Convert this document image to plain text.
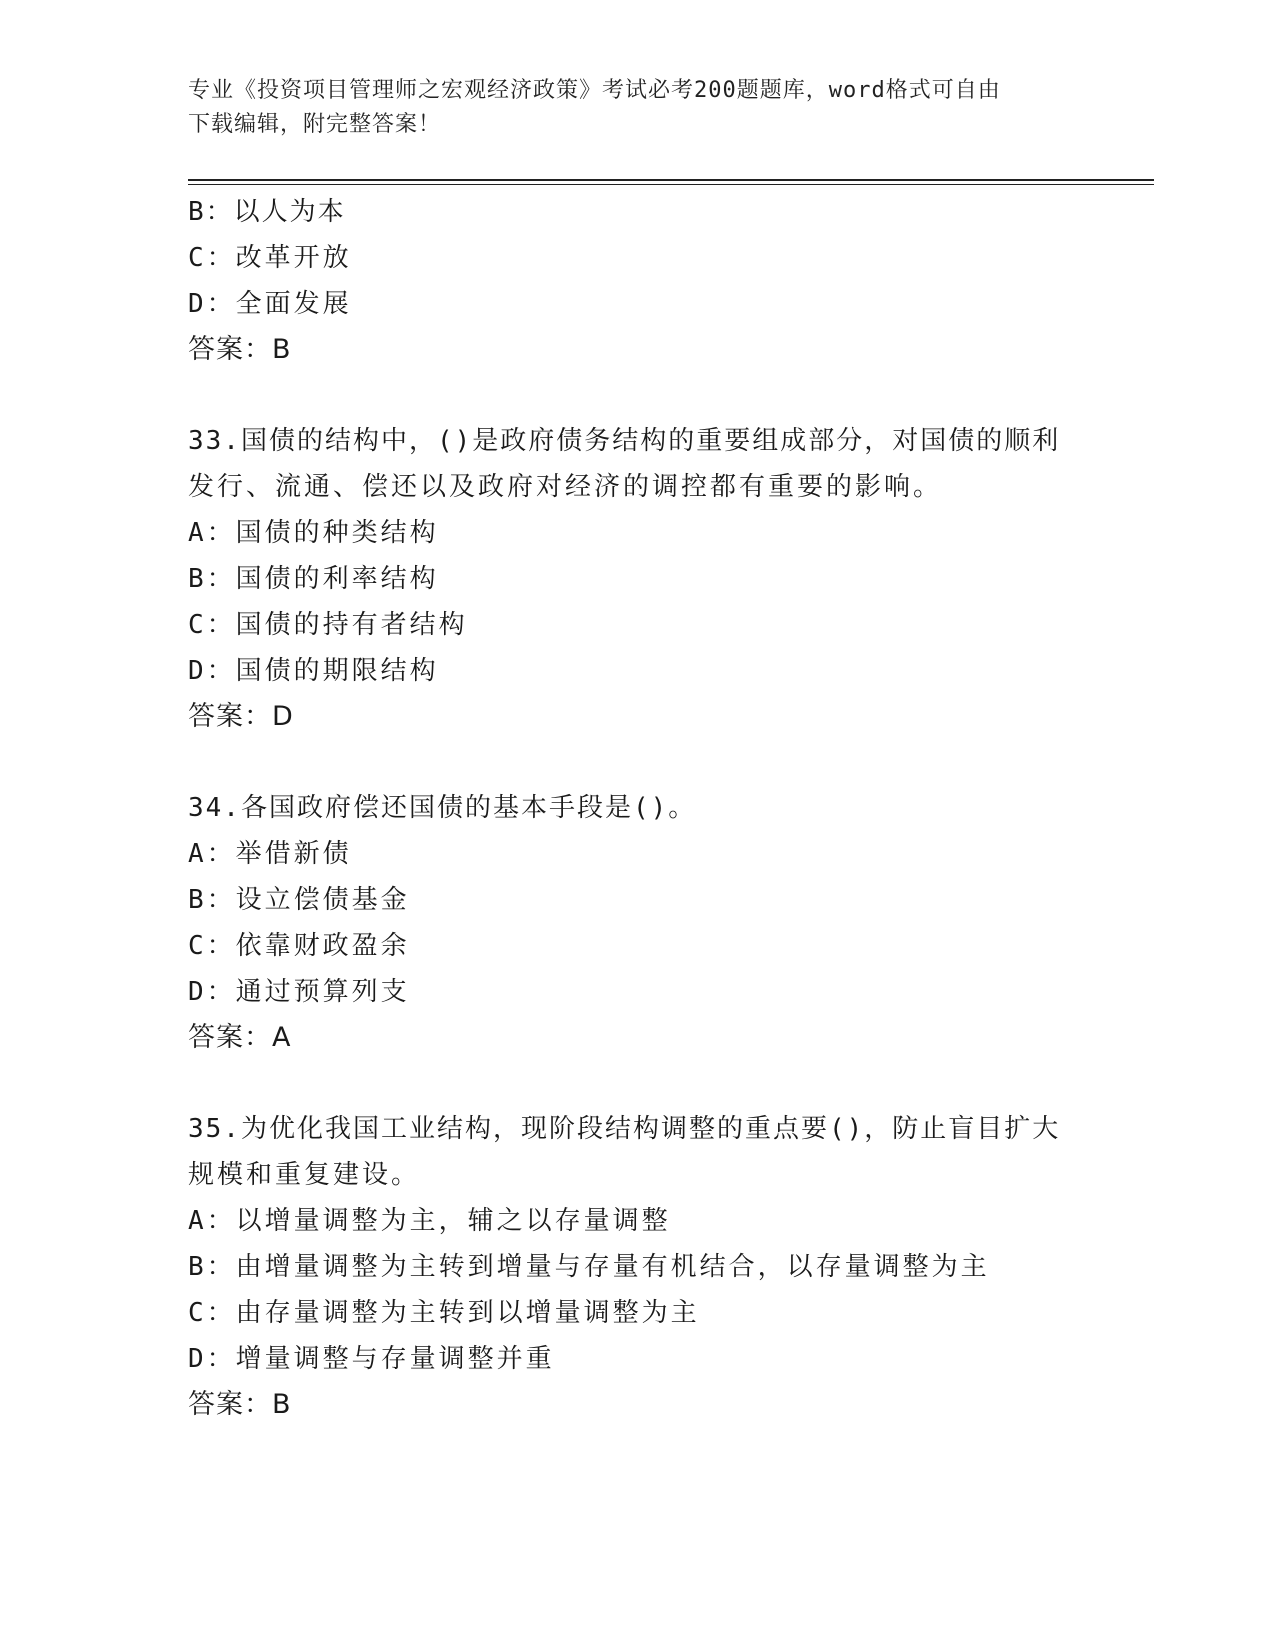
专业《投资项目管理师之宏观经济政策》考试必考200题题库，word格式可自由
下载编辑，附完整答案！
B：以人为本
C：改革开放
D：全面发展
答案：B
33.国债的结构中，()是政府债务结构的重要组成部分，对国债的顺利
发行、流通、偿还以及政府对经济的调控都有重要的影响。
A：国债的种类结构
B：国债的利率结构
C：国债的持有者结构
D：国债的期限结构
答案：D
34.各国政府偿还国债的基本手段是()。
A：举借新债
B：设立偿债基金
C：依靠财政盈余
D：通过预算列支
答案：A
35.为优化我国工业结构，现阶段结构调整的重点要()，防止盲目扩大
规模和重复建设。
A：以增量调整为主，辅之以存量调整
B：由增量调整为主转到增量与存量有机结合，以存量调整为主
C：由存量调整为主转到以增量调整为主
D：增量调整与存量调整并重
答案：B
